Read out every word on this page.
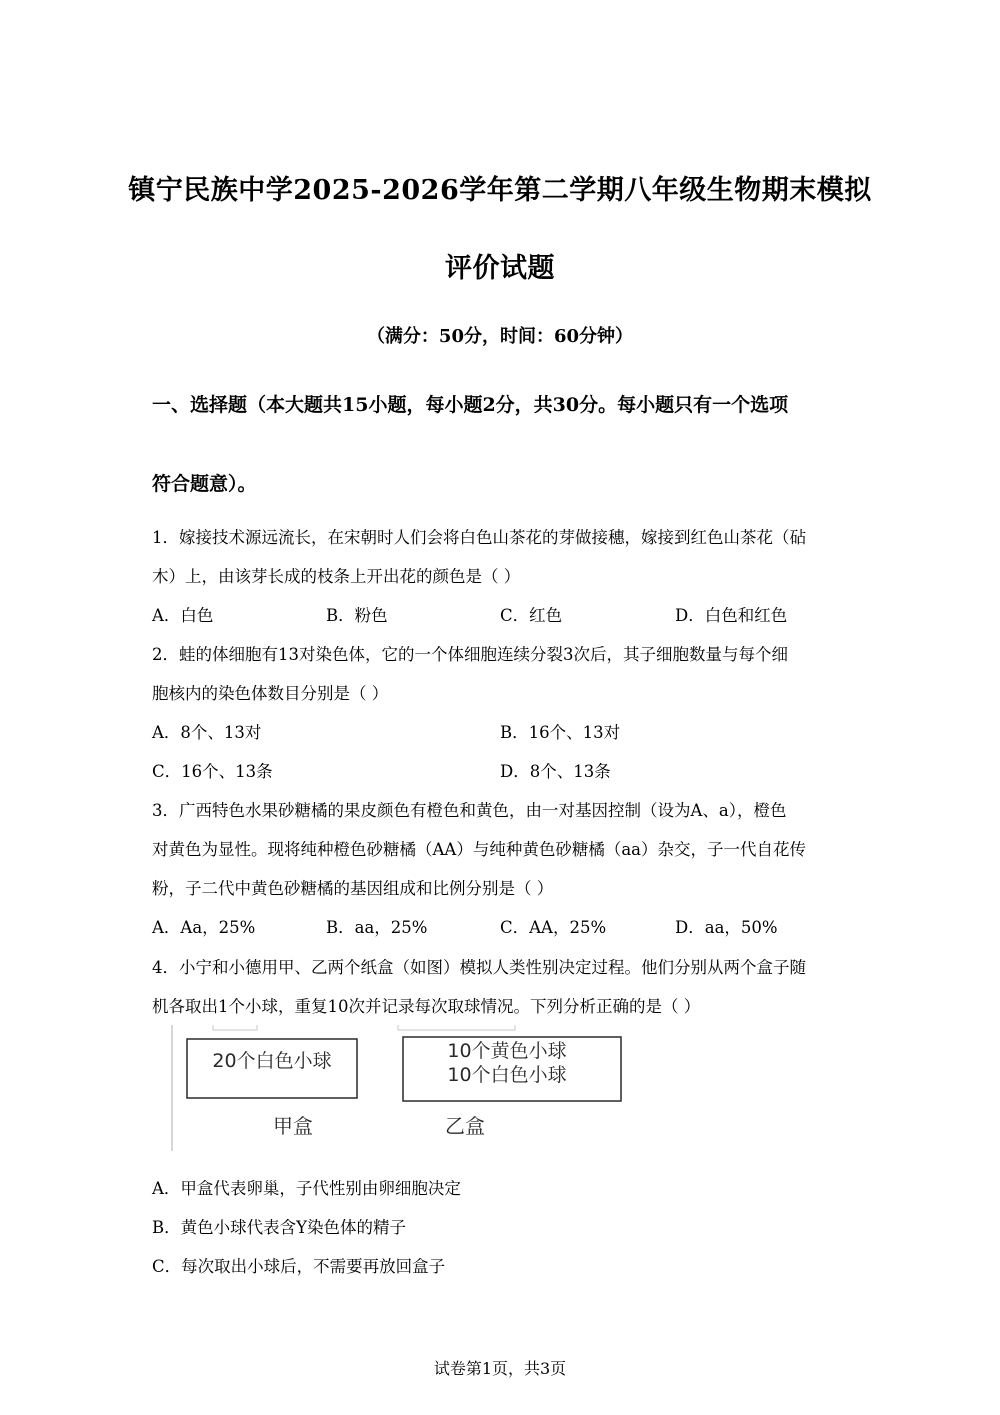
镇宁民族中学2025-2026学年第二学期八年级生物期末模拟
评价试题
（满分：50分，时间：60分钟）
一、选择题（本大题共15小题，每小题2分，共30分。每小题只有一个选项
符合题意）。
1．嫁接技术源远流长，在宋朝时人们会将白色山茶花的芽做接穗，嫁接到红色山茶花（砧
木）上，由该芽长成的枝条上开出花的颜色是（ ）
A．白色	B．粉色	C．红色	D．白色和红色
2．蛙的体细胞有13对染色体，它的一个体细胞连续分裂3次后，其子细胞数量与每个细
胞核内的染色体数目分别是（ ）
A．8个、13对	B．16个、13对
C．16个、13条	D．8个、13条
3．广西特色水果砂糖橘的果皮颜色有橙色和黄色，由一对基因控制（设为A、a），橙色
对黄色为显性。现将纯种橙色砂糖橘（AA）与纯种黄色砂糖橘（aa）杂交，子一代自花传
粉，子二代中黄色砂糖橘的基因组成和比例分别是（ ）
A．Aa，25%	B．aa，25%	C．AA，25%	D．aa，50%
4．小宁和小德用甲、乙两个纸盒（如图）模拟人类性别决定过程。他们分别从两个盒子随
机各取出1个小球，重复10次并记录每次取球情况。下列分析正确的是（ ）
20个白色小球
甲盒
10个黄色小球
10个白色小球
乙盒
A．甲盒代表卵巢，子代性别由卵细胞决定
B．黄色小球代表含Y染色体的精子
C．每次取出小球后，不需要再放回盒子
试卷第1页，共3页
